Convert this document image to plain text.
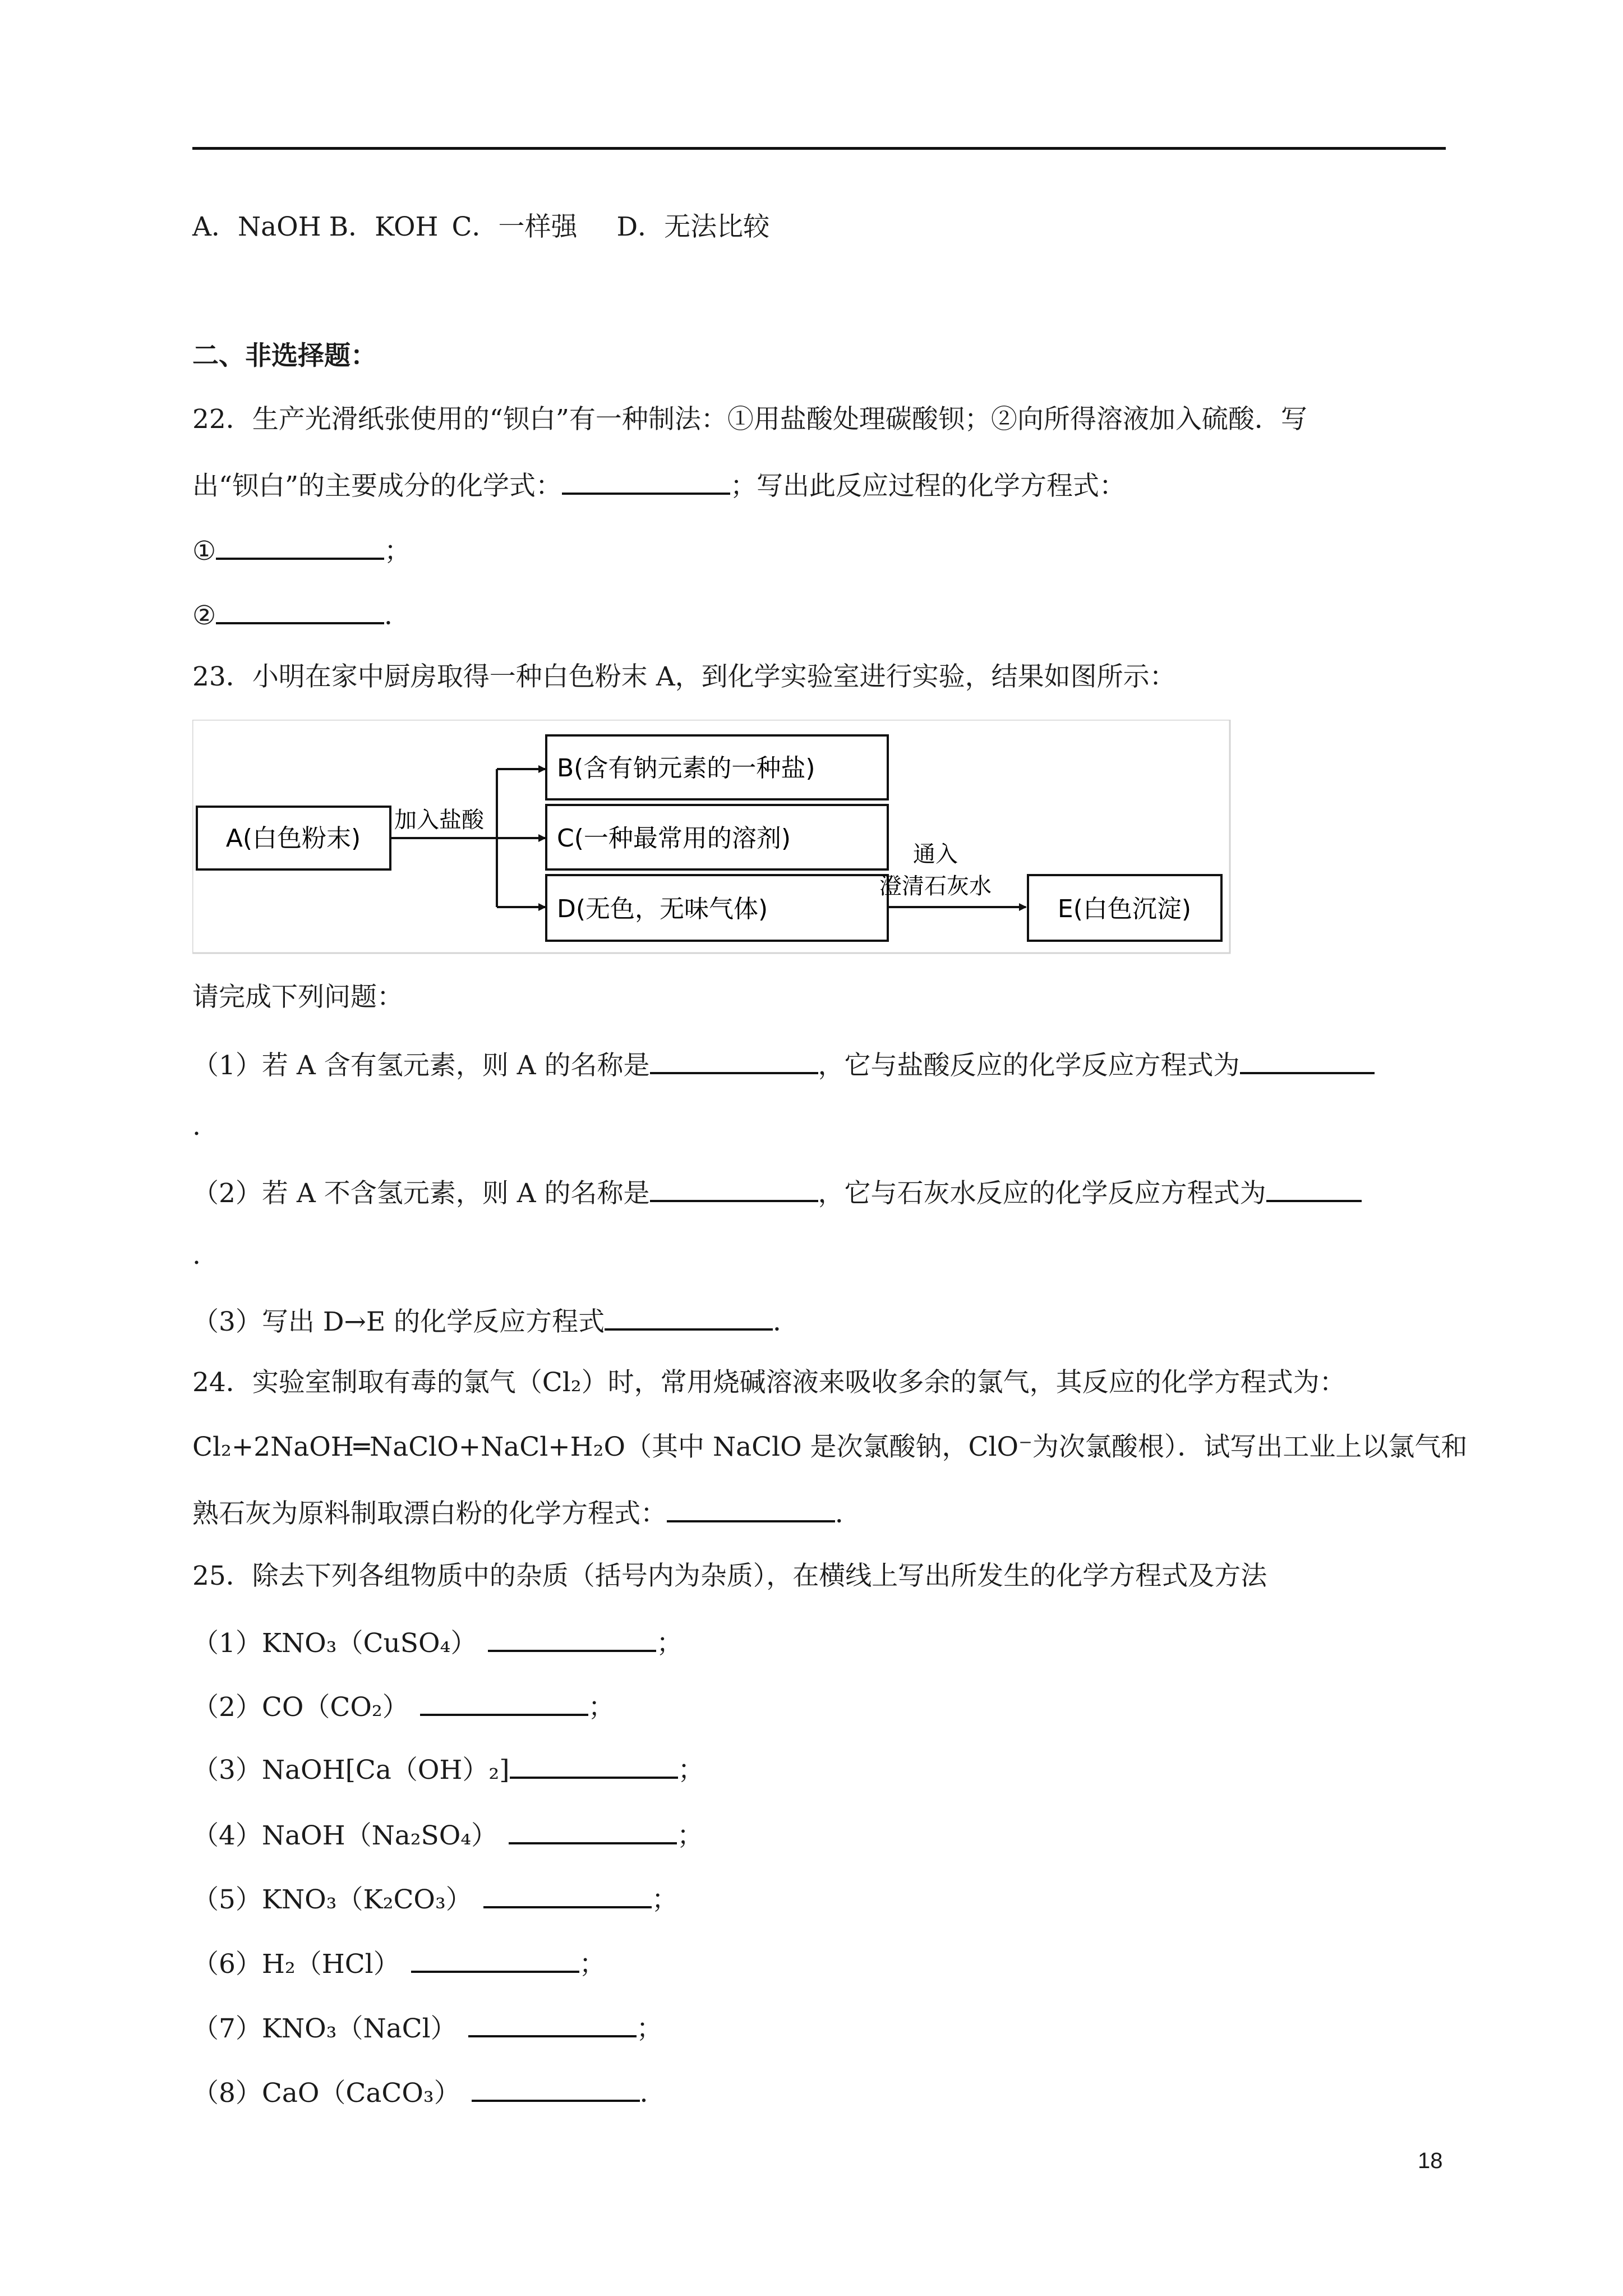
A．NaOH B．KOH C．一样强 D．无法比较
二、非选择题：
22．生产光滑纸张使用的“钡白”有一种制法：①用盐酸处理碳酸钡；②向所得溶液加入硫酸．写
出“钡白”的主要成分的化学式：	；写出此反应过程的化学方程式：
①	；
②	．
23．小明在家中厨房取得一种白色粉末 A，到化学实验室进行实验，结果如图所示：
A(白色粉末)
加入盐酸
B(含有钠元素的一种盐)
C(一种最常用的溶剂)
D(无色，无味气体)
通入
澄清石灰水
E(白色沉淀)
请完成下列问题：
（1）若 A 含有氢元素，则 A 的名称是	，它与盐酸反应的化学反应方程式为
.
（2）若 A 不含氢元素，则 A 的名称是	，它与石灰水反应的化学反应方程式为
.
（3）写出 D→E 的化学反应方程式	．
24．实验室制取有毒的氯气（Cl₂）时，常用烧碱溶液来吸收多余的氯气，其反应的化学方程式为：
Cl₂+2NaOH═NaClO+NaCl+H₂O（其中 NaClO 是次氯酸钠，ClO⁻为次氯酸根）．试写出工业上以氯气和
熟石灰为原料制取漂白粉的化学方程式：	．
25．除去下列各组物质中的杂质（括号内为杂质），在横线上写出所发生的化学方程式及方法
（1）KNO₃（CuSO₄）	；
（2）CO（CO₂）	；
（3）NaOH[Ca（OH）₂]	；
（4）NaOH（Na₂SO₄）	；
（5）KNO₃（K₂CO₃）	；
（6）H₂（HCl）	；
（7）KNO₃（NaCl）	；
（8）CaO（CaCO₃）	．
18
